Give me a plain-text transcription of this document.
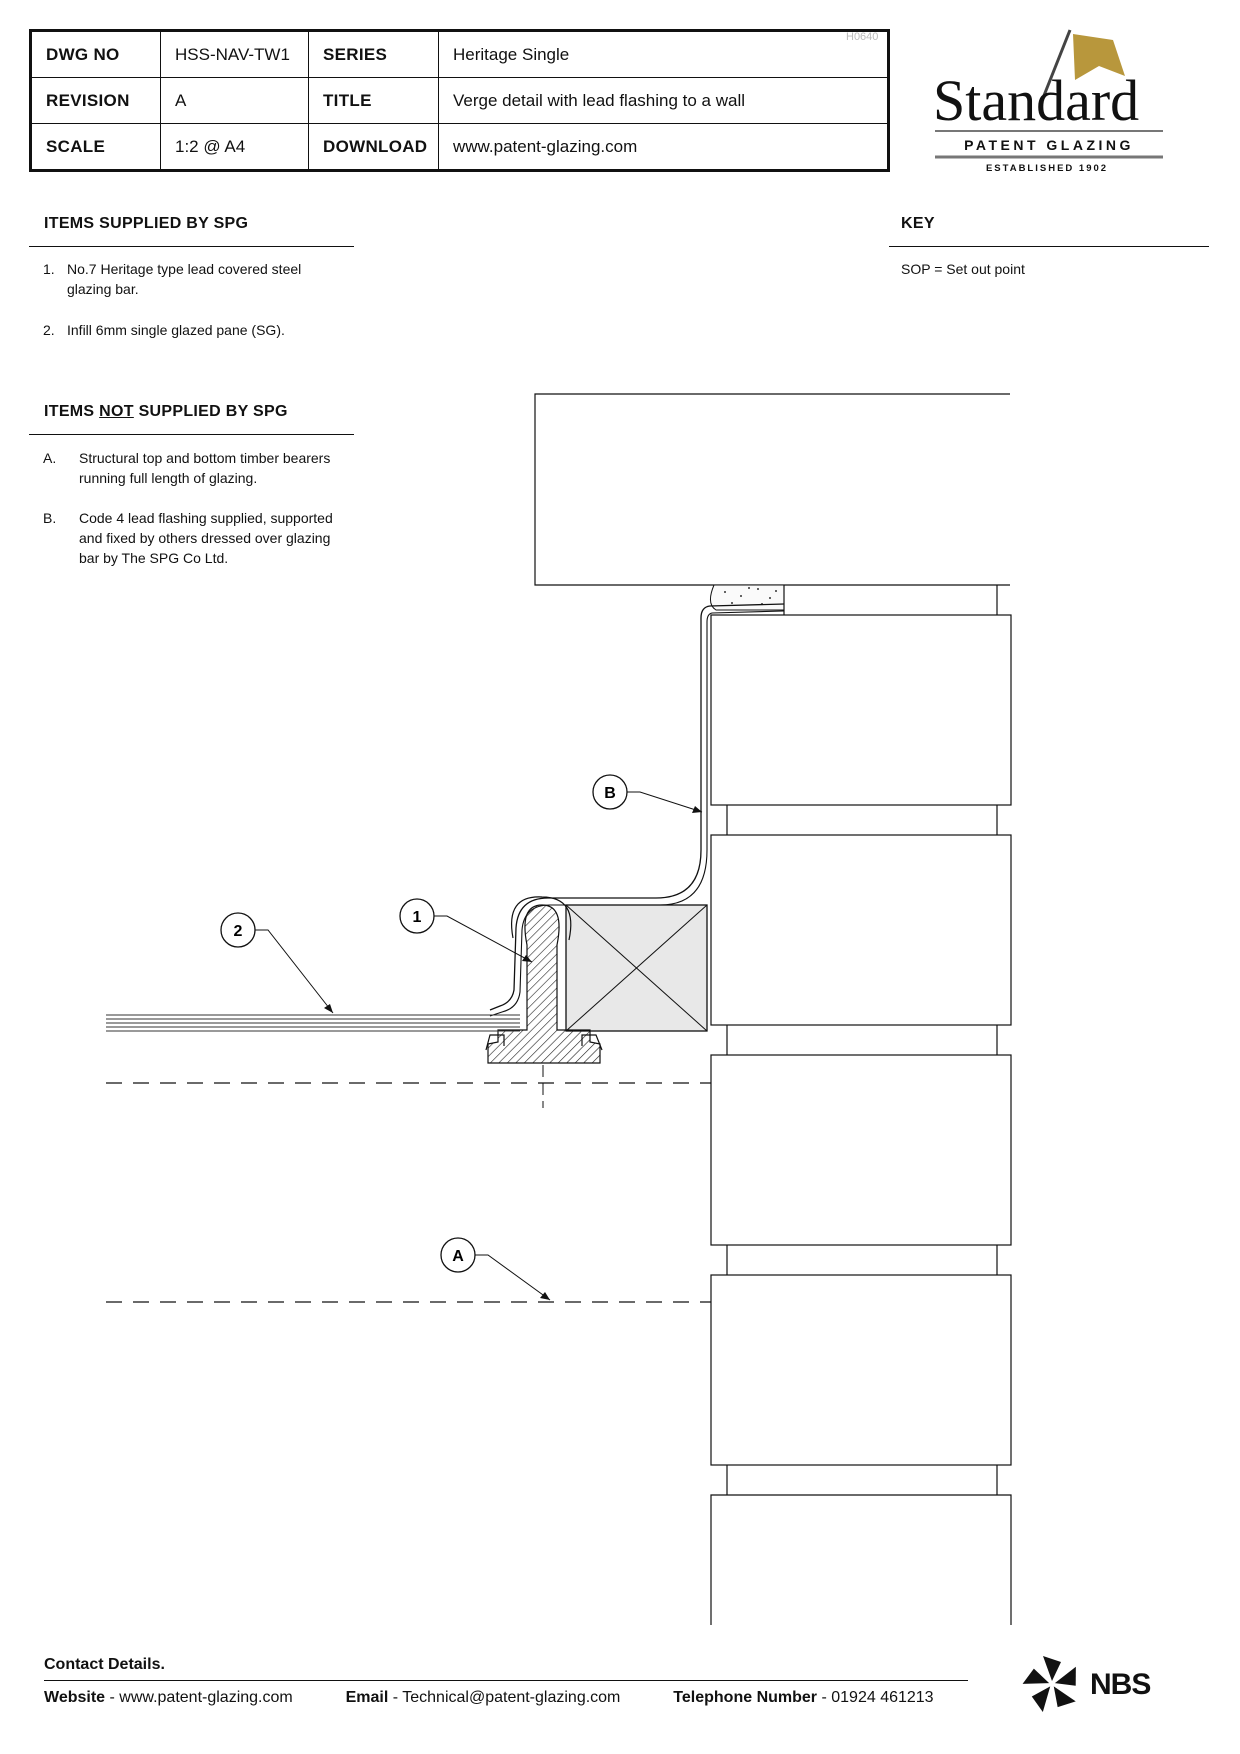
DWG NO	HSS-NAV-TW1	SERIES	Heritage Single
REVISION	A	TITLE	Verge detail with lead flashing to a wall
SCALE	1:2 @ A4	DOWNLOAD	www.patent-glazing.com
H0640
Standard
PATENT GLAZING
ESTABLISHED 1902
ITEMS SUPPLIED BY SPG
1. No.7 Heritage type lead covered steel
glazing bar.
2. Infill 6mm single glazed pane (SG).
ITEMS NOT SUPPLIED BY SPG
A. Structural top and bottom timber bearers
running full length of glazing.
B. Code 4 lead flashing supplied, supported
and fixed by others dressed over glazing
bar by The SPG Co Ltd.
KEY
SOP = Set out point
B
1
2
A
Contact Details.
Website - www.patent-glazing.com	Email - Technical@patent-glazing.com	Telephone Number - 01924 461213	NBS
